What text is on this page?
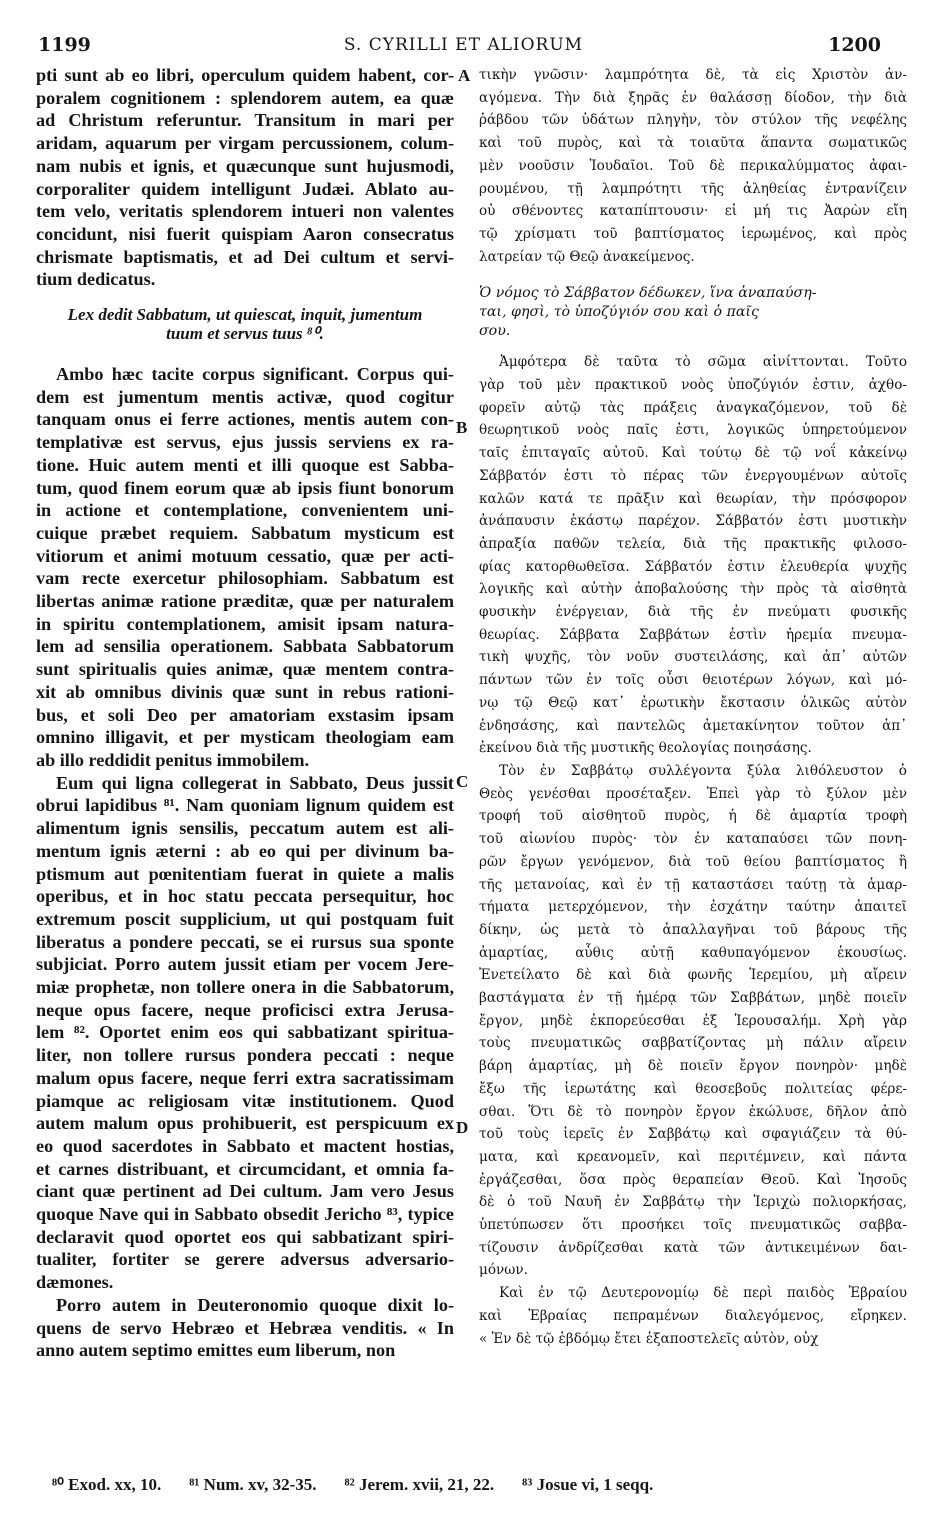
1199	S. CYRILLI ET ALIORUM	1200
pti sunt ab eo libri, operculum quidem habent, cor-
poralem cognitionem : splendorem autem, ea quæ
ad Christum referuntur. Transitum in mari per
aridam, aquarum per virgam percussionem, colum-
nam nubis et ignis, et quæcunque sunt hujusmodi,
corporaliter quidem intelligunt Judæi. Ablato au-
tem velo, veritatis splendorem intueri non valentes
concidunt, nisi fuerit quispiam Aaron consecratus
chrismate baptismatis, et ad Dei cultum et servi-
tium dedicatus.
Lex dedit Sabbatum, ut quiescat, inquit, jumentum
tuum et servus tuus ⁸⁰.
Ambo hæc tacite corpus significant. Corpus qui-
dem est jumentum mentis activæ, quod cogitur
tanquam onus ei ferre actiones, mentis autem con-
templativæ est servus, ejus jussis serviens ex ra-
tione. Huic autem menti et illi quoque est Sabba-
tum, quod finem eorum quæ ab ipsis fiunt bonorum
in actione et contemplatione, convenientem uni-
cuique præbet requiem. Sabbatum mysticum est
vitiorum et animi motuum cessatio, quæ per acti-
vam recte exercetur philosophiam. Sabbatum est
libertas animæ ratione præditæ, quæ per naturalem
in spiritu contemplationem, amisit ipsam natura-
lem ad sensilia operationem. Sabbata Sabbatorum
sunt spiritualis quies animæ, quæ mentem contra-
xit ab omnibus divinis quæ sunt in rebus rationi-
bus, et soli Deo per amatoriam exstasim ipsam
omnino illigavit, et per mysticam theologiam eam
ab illo reddidit penitus immobilem.
Eum qui ligna collegerat in Sabbato, Deus jussit
obrui lapidibus ⁸¹. Nam quoniam lignum quidem est
alimentum ignis sensilis, peccatum autem est ali-
mentum ignis æterni : ab eo qui per divinum ba-
ptismum aut pœnitentiam fuerat in quiete a malis
operibus, et in hoc statu peccata persequitur, hoc
extremum poscit supplicium, ut qui postquam fuit
liberatus a pondere peccati, se ei rursus sua sponte
subjiciat. Porro autem jussit etiam per vocem Jere-
miæ prophetæ, non tollere onera in die Sabbatorum,
neque opus facere, neque proficisci extra Jerusa-
lem ⁸². Oportet enim eos qui sabbatizant spiritua-
liter, non tollere rursus pondera peccati : neque
malum opus facere, neque ferri extra sacratissimam
piamque ac religiosam vitæ institutionem. Quod
autem malum opus prohibuerit, est perspicuum ex
eo quod sacerdotes in Sabbato et mactent hostias,
et carnes distribuant, et circumcidant, et omnia fa-
ciant quæ pertinent ad Dei cultum. Jam vero Jesus
quoque Nave qui in Sabbato obsedit Jericho ⁸³, typice
declaravit quod oportet eos qui sabbatizant spiri-
tualiter, fortiter se gerere adversus adversario-
dæmones.
Porro autem in Deuteronomio quoque dixit lo-
quens de servo Hebræo et Hebræa venditis. « In
anno autem septimo emittes eum liberum, non
A
B
C
D
τικὴν γνῶσιν· λαμπρότητα δὲ, τὰ εἰς Χριστὸν ἀν-
αγόμενα. Τὴν διὰ ξηρᾶς ἐν θαλάσσῃ δίοδον, τὴν διὰ
ῥάβδου τῶν ὑδάτων πληγὴν, τὸν στύλον τῆς νεφέλης
καὶ τοῦ πυρὸς, καὶ τὰ τοιαῦτα ἅπαντα σωματικῶς
μὲν νοοῦσιν Ἰουδαῖοι. Τοῦ δὲ περικαλύμματος ἀφαι-
ρουμένου, τῇ λαμπρότητι τῆς ἀληθείας ἐντρανίζειν
οὐ σθένοντες καταπίπτουσιν· εἰ μή τις Ἀαρὼν εἴη
τῷ χρίσματι τοῦ βαπτίσματος ἱερωμένος, καὶ πρὸς
λατρείαν τῷ Θεῷ ἀνακείμενος.
Ὁ νόμος τὸ Σάββατον δέδωκεν, ἵνα ἀναπαύση-
ται, φησὶ, τὸ ὑποζύγιόν σου καὶ ὁ παῖς
σου.
Ἀμφότερα δὲ ταῦτα τὸ σῶμα αἰνίττονται. Τοῦτο
γὰρ τοῦ μὲν πρακτικοῦ νοὸς ὑποζύγιόν ἐστιν, ἀχθο-
φορεῖν αὐτῷ τὰς πράξεις ἀναγκαζόμενον, τοῦ δὲ
θεωρητικοῦ νοὸς παῖς ἐστι, λογικῶς ὑπηρετούμενον
ταῖς ἐπιταγαῖς αὐτοῦ. Καὶ τούτῳ δὲ τῷ νοΐ κἀκείνῳ
Σάββατόν ἐστι τὸ πέρας τῶν ἐνεργουμένων αὐτοῖς
καλῶν κατά τε πρᾶξιν καὶ θεωρίαν, τὴν πρόσφορον
ἀνάπαυσιν ἑκάστῳ παρέχον. Σάββατόν ἐστι μυστικὴν
ἀπραξία παθῶν τελεία, διὰ τῆς πρακτικῆς φιλοσο-
φίας κατορθωθεῖσα. Σάββατόν ἐστιν ἐλευθερία ψυχῆς
λογικῆς καὶ αὐτὴν ἀποβαλούσης τὴν πρὸς τὰ αἰσθητὰ
φυσικὴν ἐνέργειαν, διὰ τῆς ἐν πνεύματι φυσικῆς
θεωρίας. Σάββατα Σαββάτων ἐστὶν ἠρεμία πνευμα-
τικὴ ψυχῆς, τὸν νοῦν συστειλάσης, καὶ ἀπ᾽ αὐτῶν
πάντων τῶν ἐν τοῖς οὖσι θειοτέρων λόγων, καὶ μό-
νῳ τῷ Θεῷ κατ᾽ ἐρωτικὴν ἔκστασιν ὁλικῶς αὐτὸν
ἐνδησάσης, καὶ παντελῶς ἀμετακίνητον τοῦτον ἀπ᾽
ἐκείνου διὰ τῆς μυστικῆς θεολογίας ποιησάσης.
Τὸν ἐν Σαββάτῳ συλλέγοντα ξύλα λιθόλευστον ὁ
Θεὸς γενέσθαι προσέταξεν. Ἐπεὶ γὰρ τὸ ξύλον μὲν
τροφή τοῦ αἰσθητοῦ πυρὸς, ἡ δὲ ἁμαρτία τροφὴ
τοῦ αἰωνίου πυρὸς· τὸν ἐν καταπαύσει τῶν πονη-
ρῶν ἔργων γενόμενον, διὰ τοῦ θείου βαπτίσματος ἢ
τῆς μετανοίας, καὶ ἐν τῇ καταστάσει ταύτῃ τὰ ἁμαρ-
τήματα μετερχόμενον, τὴν ἐσχάτην ταύτην ἀπαιτεῖ
δίκην, ὡς μετὰ τὸ ἀπαλλαγῆναι τοῦ βάρους τῆς
ἁμαρτίας, αὖθις αὐτῇ καθυπαγόμενον ἑκουσίως.
Ἐνετείλατο δὲ καὶ διὰ φωνῆς Ἱερεμίου, μὴ αἴρειν
βαστάγματα ἐν τῇ ἡμέρᾳ τῶν Σαββάτων, μηδὲ ποιεῖν
ἔργον, μηδὲ ἐκπορεύεσθαι ἐξ Ἱερουσαλήμ. Χρὴ γὰρ
τοὺς πνευματικῶς σαββατίζοντας μὴ πάλιν αἴρειν
βάρη ἁμαρτίας, μὴ δὲ ποιεῖν ἔργον πονηρὸν· μηδὲ
ἔξω τῆς ἱερωτάτης καὶ θεοσεβοῦς πολιτείας φέρε-
σθαι. Ὅτι δὲ τὸ πονηρὸν ἔργον ἐκώλυσε, δῆλον ἀπὸ
τοῦ τοὺς ἱερεῖς ἐν Σαββάτῳ καὶ σφαγιάζειν τὰ θύ-
ματα, καὶ κρεανομεῖν, καὶ περιτέμνειν, καὶ πάντα
ἐργάζεσθαι, ὅσα πρὸς θεραπείαν Θεοῦ. Καὶ Ἰησοῦς
δὲ ὁ τοῦ Ναυῆ ἐν Σαββάτῳ τὴν Ἱεριχὼ πολιορκήσας,
ὑπετύπωσεν ὅτι προσήκει τοῖς πνευματικῶς σαββα-
τίζουσιν ἀνδρίζεσθαι κατὰ τῶν ἀντικειμένων δαι-
μόνων.
Καὶ ἐν τῷ Δευτερονομίῳ δὲ περὶ παιδὸς Ἑβραίου
καὶ Ἑβραίας πεπραμένων διαλεγόμενος, εἴρηκεν.
« Ἐν δὲ τῷ ἑβδόμῳ ἔτει ἐξαποστελεῖς αὐτὸν, οὐχ
⁸⁰ Exod. xx, 10. ⁸¹ Num. xv, 32-35. ⁸² Jerem. xvii, 21, 22. ⁸³ Josue vi, 1 seqq.
